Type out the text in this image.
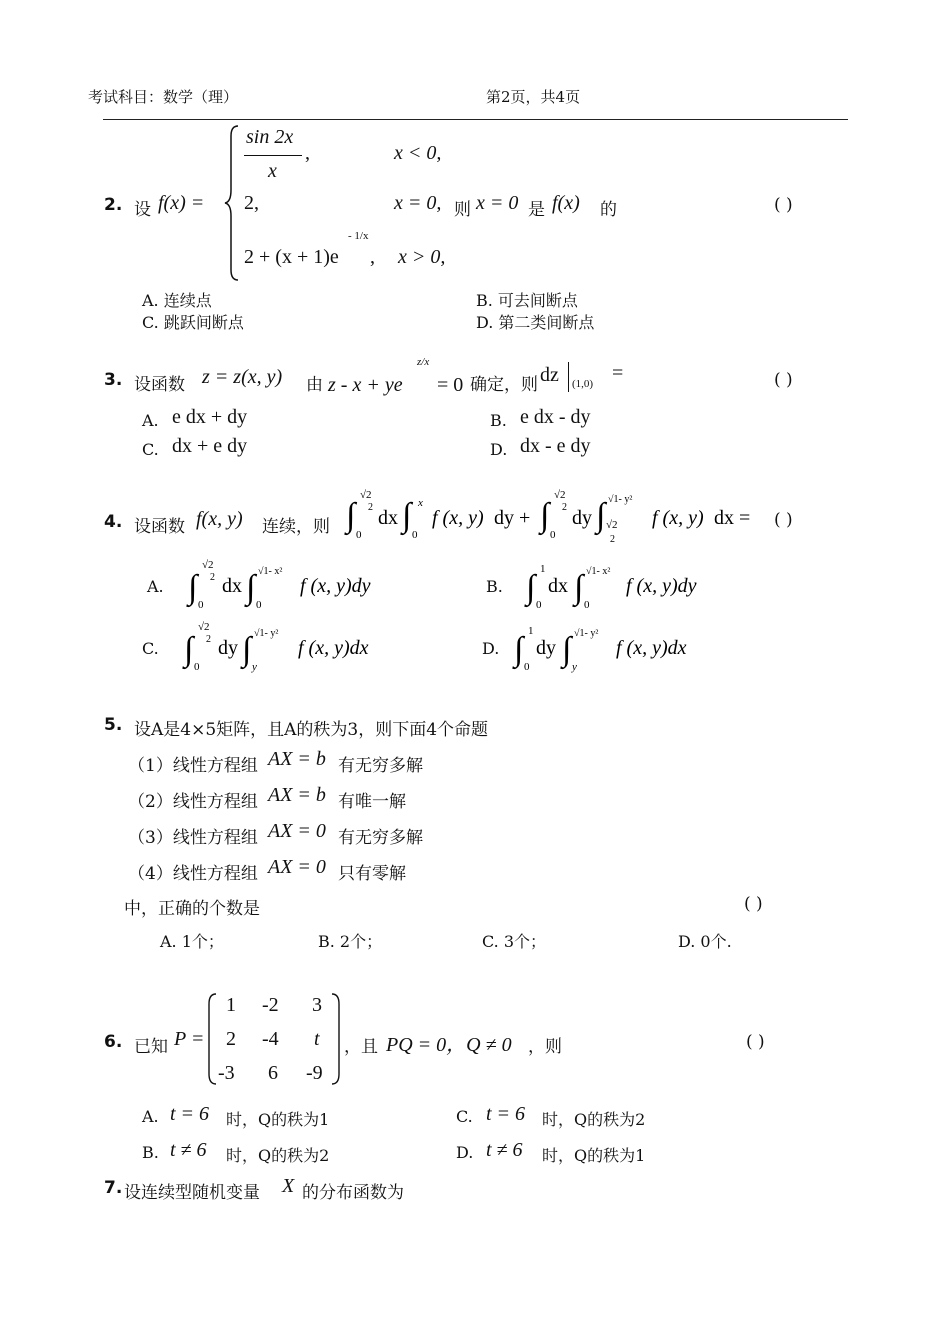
考试科目：数学（理）	第2页，共4页
2. 设 f(x) =
sin 2x
x
,	x < 0,
2,	x = 0, 则 x = 0 是 f(x) 的
2 + (x + 1)e
- 1/x
, x > 0,
( )
A. 连续点	B. 可去间断点
C. 跳跃间断点	D. 第二类间断点
3. 设函数 z = z(x, y) 由 z - x + ye
z/x
= 0 确定，则 dz (1,0) =	( )
A. e dx + dy	B. e dx - dy
C. dx + e dy	D. dx - e dy
4. 设函数 f(x, y) 连续，则 ∫
√2
2
0
dx ∫ x
0
f (x, y) dy + ∫
√2
2
0
dy ∫ √1- y²
√2
2
f (x, y) dx = ( )
A. ∫
√2
2
0
dx ∫ √1- x²
0
f (x, y)dy	B. ∫ 1
0
dx ∫ √1- x²
0
f (x, y)dy
C. ∫
√2
2
0
dy ∫ √1- y²
y
f (x, y)dx	D. ∫ 1
0
dy ∫ √1- y²
y
f (x, y)dx
5. 设A是4×5矩阵，且A的秩为3，则下面4个命题
（1）线性方程组 AX = b 有无穷多解
（2）线性方程组 AX = b 有唯一解
（3）线性方程组 AX = 0 有无穷多解
（4）线性方程组 AX = 0 只有零解
中，正确的个数是	( )
A. 1个；	B. 2个；	C. 3个；	D. 0个.
6. 已知 P =
1 -2 3
2 -4 t
-3 6 -9
，且 PQ = 0，Q ≠ 0 ，则	( )
A. t = 6 时，Q的秩为1	C. t = 6 时，Q的秩为2
B. t ≠ 6 时，Q的秩为2	D. t ≠ 6 时，Q的秩为1
7. 设连续型随机变量 X 的分布函数为
